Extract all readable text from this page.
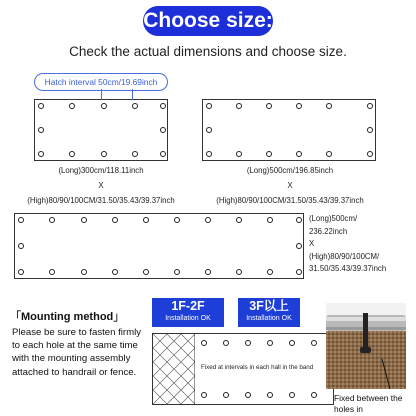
Choose size:
Check the actual dimensions and choose size.
Hatch interval 50cm/19.69inch
(Long)300cm/118.11inch
X
(High)80/90/100CM/31.50/35.43/39.37inch
(Long)500cm/196.85inch
X
(High)80/90/100CM/31.50/35.43/39.37inch
(Long)500cm/
236.22inch
X
(High)80/90/100CM/
31.50/35.43/39.37inch
「Mounting method」
Please be sure to fasten firmly to each hole at the same time with the mounting assembly attached to handrail or fence.
1F-2F
Installation OK
3F以上
Installation OK
Fixed at intervals in each hall in the band
Fixed between the
holes in
